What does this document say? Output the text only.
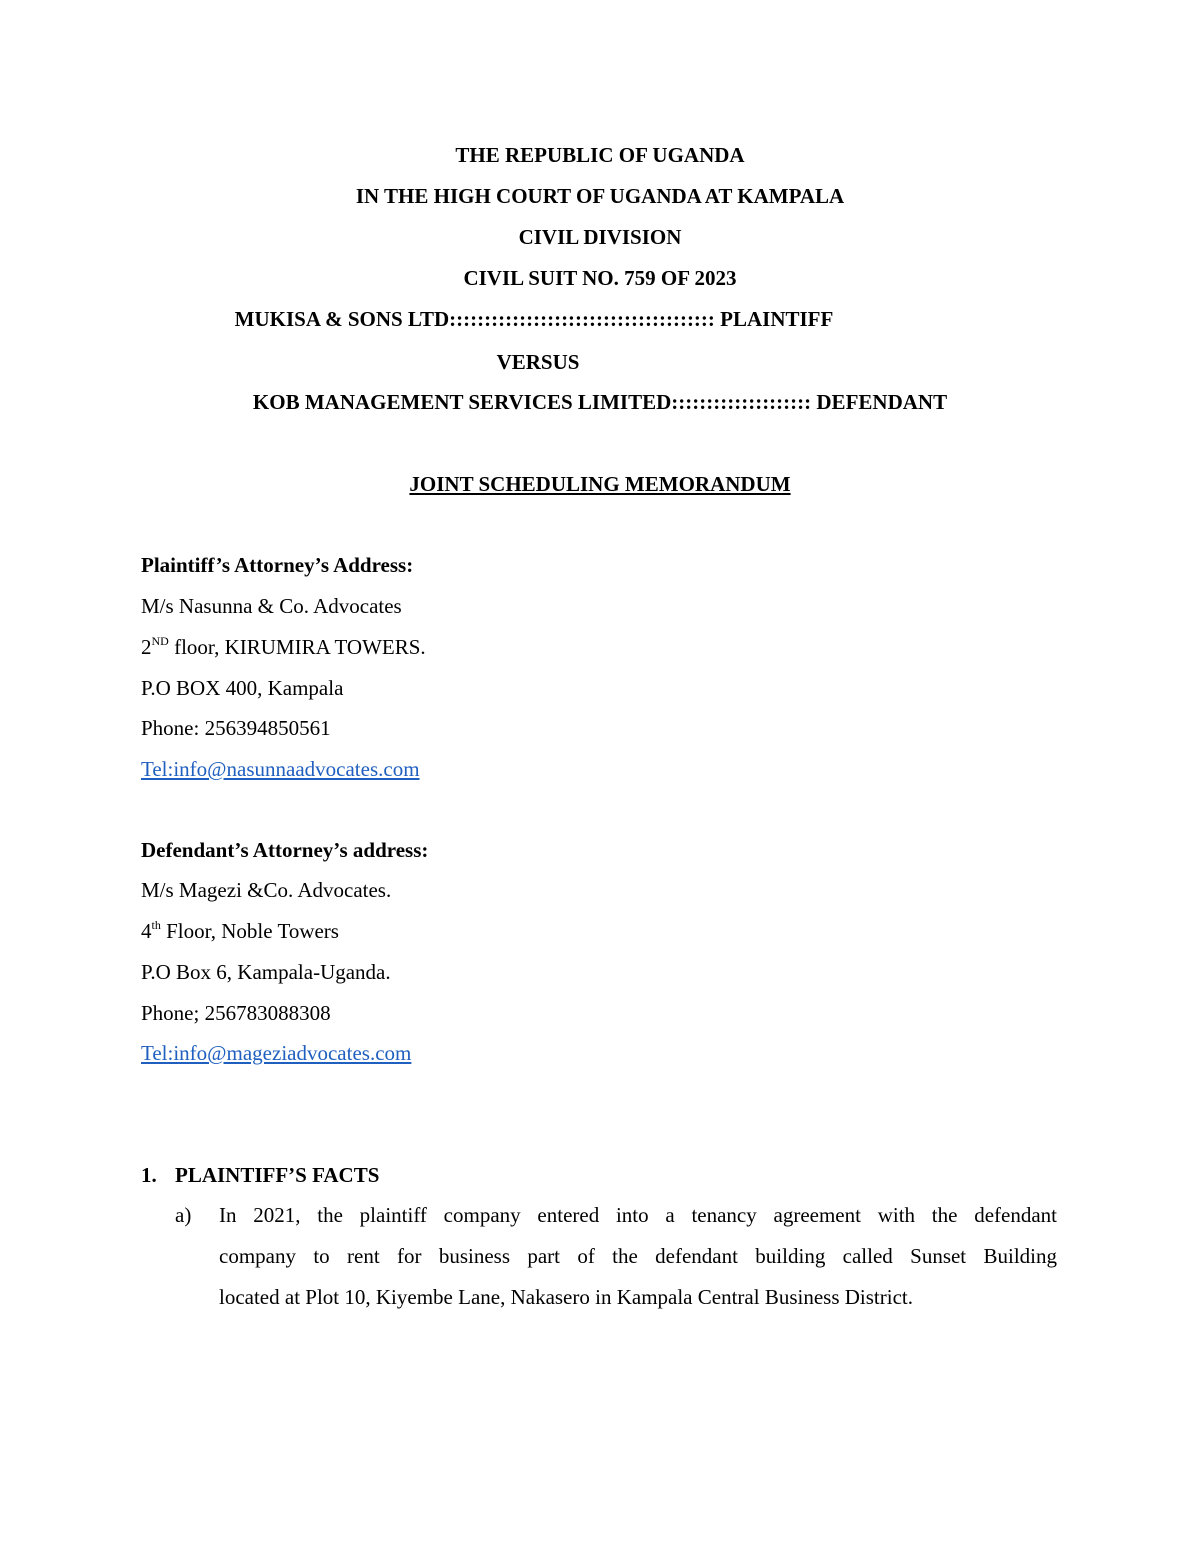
THE REPUBLIC OF UGANDA
IN THE HIGH COURT OF UGANDA AT KAMPALA
CIVIL DIVISION
CIVIL SUIT NO. 759 OF 2023
MUKISA & SONS LTD:::::::::::::::::::::::::::::::::::::: PLAINTIFF
VERSUS
KOB MANAGEMENT SERVICES LIMITED:::::::::::::::::::: DEFENDANT
JOINT SCHEDULING MEMORANDUM
Plaintiff’s Attorney’s Address:
M/s Nasunna & Co. Advocates
2ND floor, KIRUMIRA TOWERS.
P.O BOX 400, Kampala
Phone: 256394850561
Tel:info@nasunnaadvocates.com
Defendant’s Attorney’s address:
M/s Magezi &Co. Advocates.
4th Floor, Noble Towers
P.O Box 6, Kampala-Uganda.
Phone; 256783088308
Tel:info@mageziadvocates.com
1. PLAINTIFF’S FACTS
a) In 2021, the plaintiff company entered into a tenancy agreement with the defendant
company to rent for business part of the defendant building called Sunset Building
located at Plot 10, Kiyembe Lane, Nakasero in Kampala Central Business District.
